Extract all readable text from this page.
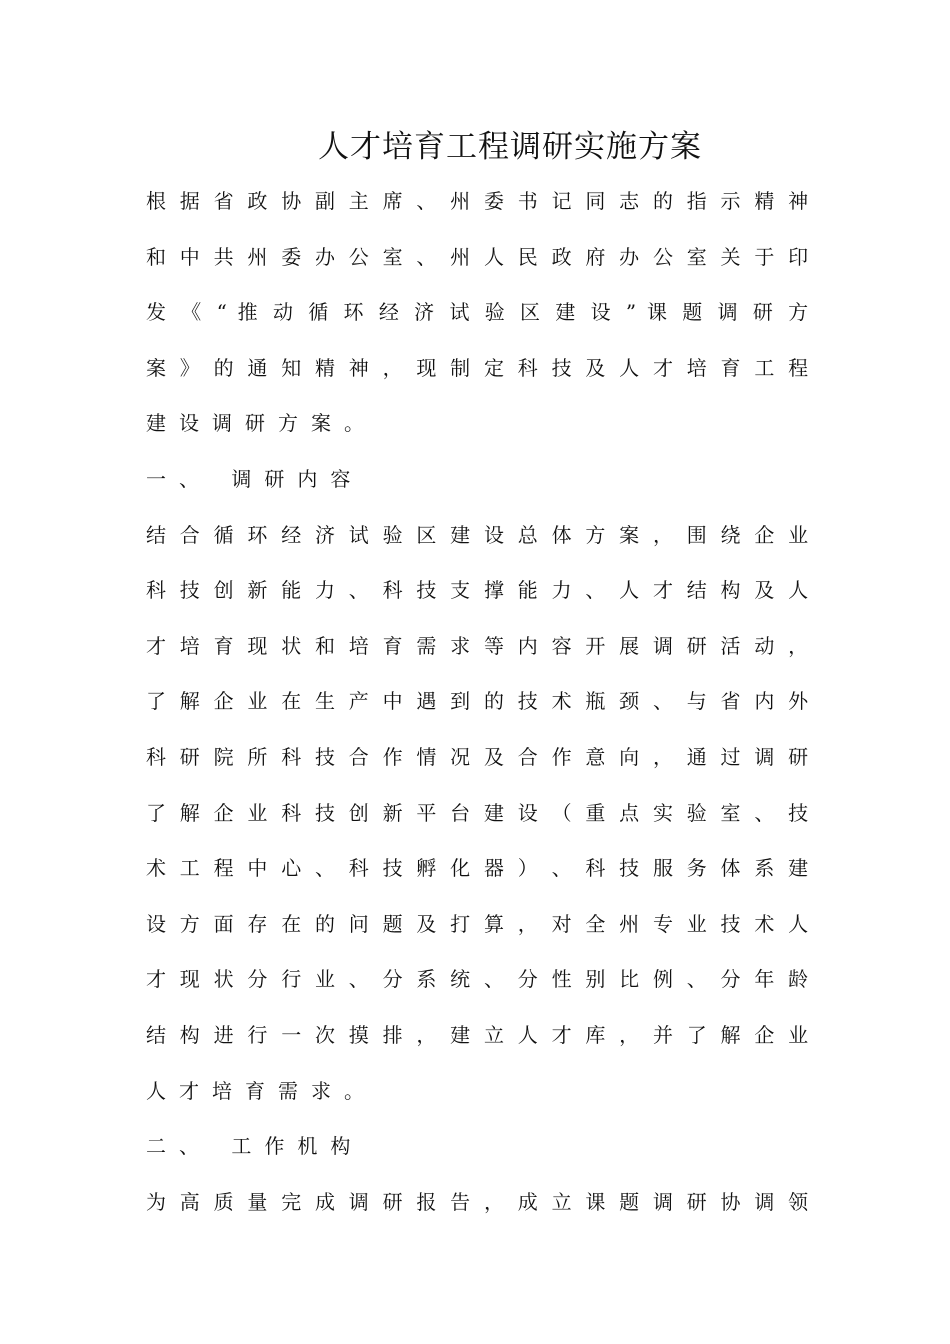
人才培育工程调研实施方案
根 据 省 政 协 副 主 席 、 州 委 书 记 同 志 的 指 示 精 神
和 中 共 州 委 办 公 室 、 州 人 民 政 府 办 公 室 关 于 印
发 《 “ 推 动 循 环 经 济 试 验 区 建 设 ” 课 题 调 研 方
案 》 的 通 知 精 神 ， 现 制 定 科 技 及 人 才 培 育 工 程
建设调研方案。
一、 调研内容
结 合 循 环 经 济 试 验 区 建 设 总 体 方 案 ， 围 绕 企 业
科 技 创 新 能 力 、 科 技 支 撑 能 力 、 人 才 结 构 及 人
才 培 育 现 状 和 培 育 需 求 等 内 容 开 展 调 研 活 动 ，
了 解 企 业 在 生 产 中 遇 到 的 技 术 瓶 颈 、 与 省 内 外
科 研 院 所 科 技 合 作 情 况 及 合 作 意 向 ， 通 过 调 研
了 解 企 业 科 技 创 新 平 台 建 设 （ 重 点 实 验 室 、 技
术 工 程 中 心 、 科 技 孵 化 器 ） 、 科 技 服 务 体 系 建
设 方 面 存 在 的 问 题 及 打 算 ， 对 全 州 专 业 技 术 人
才 现 状 分 行 业 、 分 系 统 、 分 性 别 比 例 、 分 年 龄
结 构 进 行 一 次 摸 排 ， 建 立 人 才 库 ， 并 了 解 企 业
人才培育需求。
二、 工作机构
为 高 质 量 完 成 调 研 报 告 ， 成 立 课 题 调 研 协 调 领
